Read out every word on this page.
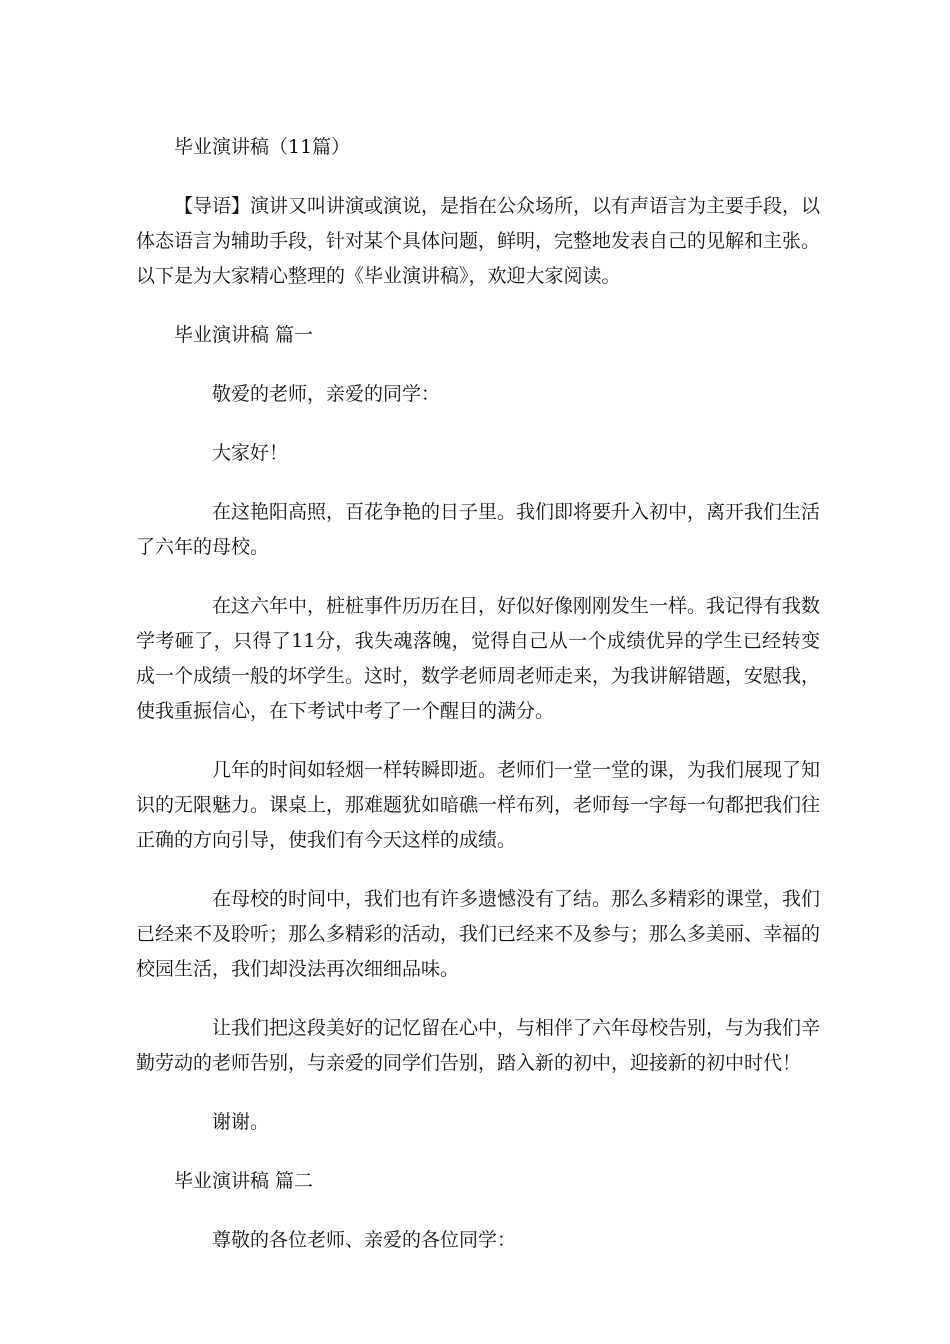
毕业演讲稿（11篇）

【导语】演讲又叫讲演或演说，是指在公众场所，以有声语言为主要手段，以体态语言为辅助手段，针对某个具体问题，鲜明，完整地发表自己的见解和主张。以下是为大家精心整理的《毕业演讲稿》，欢迎大家阅读。

毕业演讲稿 篇一

敬爱的老师，亲爱的同学：

大家好！

在这艳阳高照，百花争艳的日子里。我们即将要升入初中，离开我们生活了六年的母校。

在这六年中，桩桩事件历历在目，好似好像刚刚发生一样。我记得有我数学考砸了，只得了11分，我失魂落魄，觉得自己从一个成绩优异的学生已经转变成一个成绩一般的坏学生。这时，数学老师周老师走来，为我讲解错题，安慰我，使我重振信心，在下考试中考了一个醒目的满分。

几年的时间如轻烟一样转瞬即逝。老师们一堂一堂的课，为我们展现了知识的无限魅力。课桌上，那难题犹如暗礁一样布列，老师每一字每一句都把我们往正确的方向引导，使我们有今天这样的成绩。

在母校的时间中，我们也有许多遗憾没有了结。那么多精彩的课堂，我们已经来不及聆听；那么多精彩的活动，我们已经来不及参与；那么多美丽、幸福的校园生活，我们却没法再次细细品味。

让我们把这段美好的记忆留在心中，与相伴了六年母校告别，与为我们辛勤劳动的老师告别，与亲爱的同学们告别，踏入新的初中，迎接新的初中时代！

谢谢。

毕业演讲稿 篇二

尊敬的各位老师、亲爱的各位同学：
